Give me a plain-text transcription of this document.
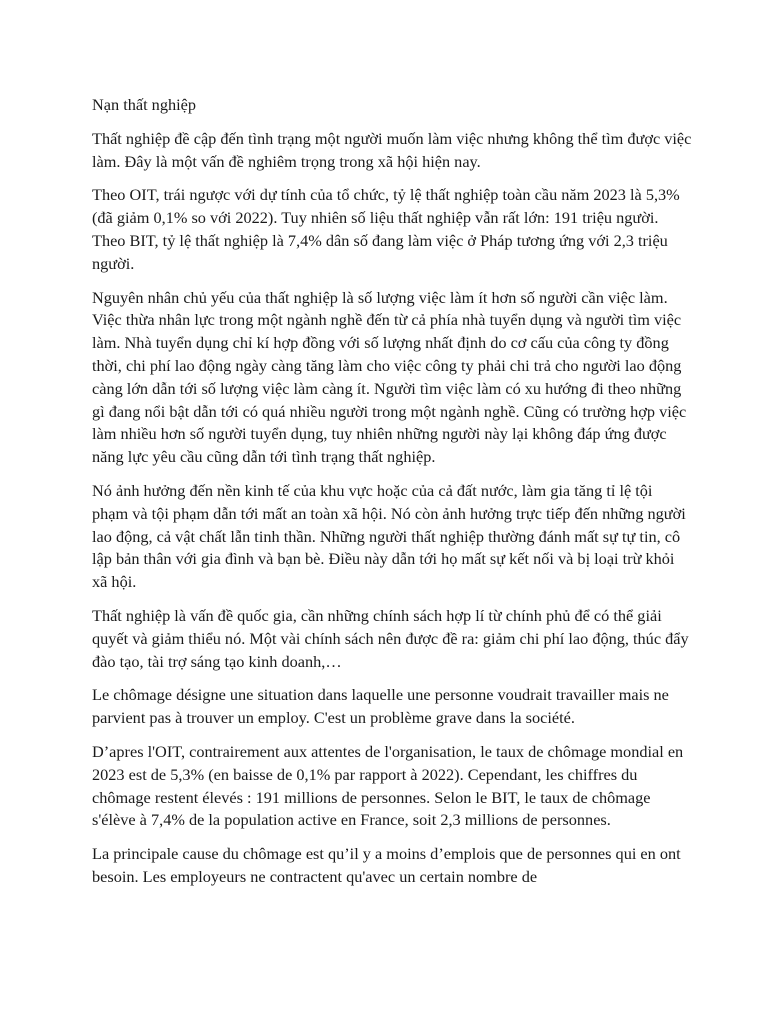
Nạn thất nghiệp

Thất nghiệp đề cập đến tình trạng một người muốn làm việc nhưng không thể tìm được việc làm. Đây là một vấn đề nghiêm trọng trong xã hội hiện nay.

Theo OIT, trái ngược với dự tính của tổ chức, tỷ lệ thất nghiệp toàn cầu năm 2023 là 5,3% (đã giảm 0,1% so với 2022). Tuy nhiên số liệu thất nghiệp vẫn rất lớn: 191 triệu người. Theo BIT, tỷ lệ thất nghiệp là 7,4% dân số đang làm việc ở Pháp tương ứng với 2,3 triệu người.

Nguyên nhân chủ yếu của thất nghiệp là số lượng việc làm ít hơn số người cần việc làm. Việc thừa nhân lực trong một ngành nghề đến từ cả phía nhà tuyển dụng và người tìm việc làm. Nhà tuyển dụng chỉ kí hợp đồng với số lượng nhất định do cơ cấu của công ty đồng thời, chi phí lao động ngày càng tăng làm cho việc công ty phải chi trả cho người lao động càng lớn dẫn tới số lượng việc làm càng ít. Người tìm việc làm có xu hướng đi theo những gì đang nổi bật dẫn tới có quá nhiều người trong một ngành nghề. Cũng có trường hợp việc làm nhiều hơn số người tuyển dụng, tuy nhiên những người này lại không đáp ứng được năng lực yêu cầu cũng dẫn tới tình trạng thất nghiệp.

Nó ảnh hưởng đến nền kinh tế của khu vực hoặc của cả đất nước, làm gia tăng tỉ lệ tội phạm và tội phạm dẫn tới mất an toàn xã hội. Nó còn ảnh hưởng trực tiếp đến những người lao động, cả vật chất lẫn tinh thần. Những người thất nghiệp thường đánh mất sự tự tin, cô lập bản thân với gia đình và bạn bè. Điều này dẫn tới họ mất sự kết nối và bị loại trừ khỏi xã hội.

Thất nghiệp là vấn đề quốc gia, cần những chính sách hợp lí từ chính phủ để có thể giải quyết và giảm thiểu nó. Một vài chính sách nên được đề ra: giảm chi phí lao động, thúc đẩy đào tạo, tài trợ sáng tạo kinh doanh,…

Le chômage désigne une situation dans laquelle une personne voudrait travailler mais ne parvient pas à trouver un employ. C'est un problème grave dans la société.

D’apres l'OIT, contrairement aux attentes de l'organisation, le taux de chômage mondial en 2023 est de 5,3% (en baisse de 0,1% par rapport à 2022). Cependant, les chiffres du chômage restent élevés : 191 millions de personnes. Selon le BIT, le taux de chômage s'élève à 7,4% de la population active en France, soit 2,3 millions de personnes.

La principale cause du chômage est qu’il y a moins d’emplois que de personnes qui en ont besoin. Les employeurs ne contractent qu'avec un certain nombre de
